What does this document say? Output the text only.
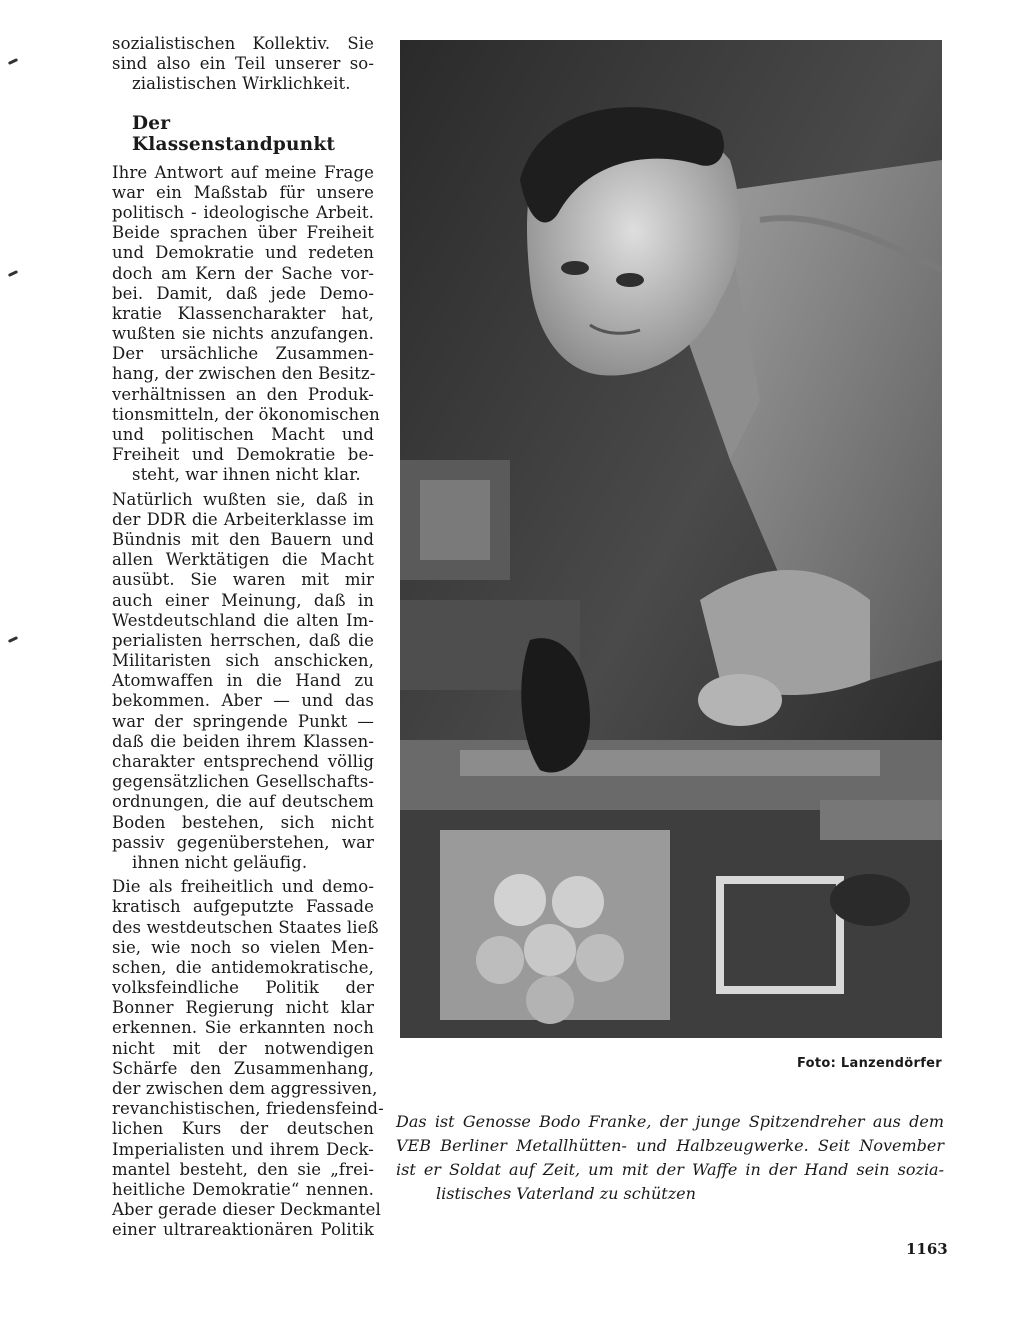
sozialistischen Kollektiv. Sie
sind also ein Teil unserer so-
zialistischen Wirklichkeit.
Der Klassenstandpunkt
Ihre Antwort auf meine Frage
war ein Maßstab für unsere
politisch - ideologische Arbeit.
Beide sprachen über Freiheit
und Demokratie und redeten
doch am Kern der Sache vor-
bei. Damit, daß jede Demo-
kratie Klassencharakter hat,
wußten sie nichts anzufangen.
Der ursächliche Zusammen-
hang, der zwischen den Besitz-
verhältnissen an den Produk-
tionsmitteln, der ökonomischen
und politischen Macht und
Freiheit und Demokratie be-
steht, war ihnen nicht klar.
Natürlich wußten sie, daß in
der DDR die Arbeiterklasse im
Bündnis mit den Bauern und
allen Werktätigen die Macht
ausübt. Sie waren mit mir
auch einer Meinung, daß in
Westdeutschland die alten Im-
perialisten herrschen, daß die
Militaristen sich anschicken,
Atomwaffen in die Hand zu
bekommen. Aber — und das
war der springende Punkt —
daß die beiden ihrem Klassen-
charakter entsprechend völlig
gegensätzlichen Gesellschafts-
ordnungen, die auf deutschem
Boden bestehen, sich nicht
passiv gegenüberstehen, war
ihnen nicht geläufig.
Die als freiheitlich und demo-
kratisch aufgeputzte Fassade
des westdeutschen Staates ließ
sie, wie noch so vielen Men-
schen, die antidemokratische,
volksfeindliche Politik der
Bonner Regierung nicht klar
erkennen. Sie erkannten noch
nicht mit der notwendigen
Schärfe den Zusammenhang,
der zwischen dem aggressiven,
revanchistischen, friedensfeind-
lichen Kurs der deutschen
Imperialisten und ihrem Deck-
mantel besteht, den sie „frei-
heitliche Demokratie“ nennen.
Aber gerade dieser Deckmantel
einer ultrareaktionären Politik
Foto: Lanzendörfer
Das ist Genosse Bodo Franke, der junge Spitzendreher aus dem
VEB Berliner Metallhütten- und Halbzeugwerke. Seit November
ist er Soldat auf Zeit, um mit der Waffe in der Hand sein sozia-
listisches Vaterland zu schützen
1163
